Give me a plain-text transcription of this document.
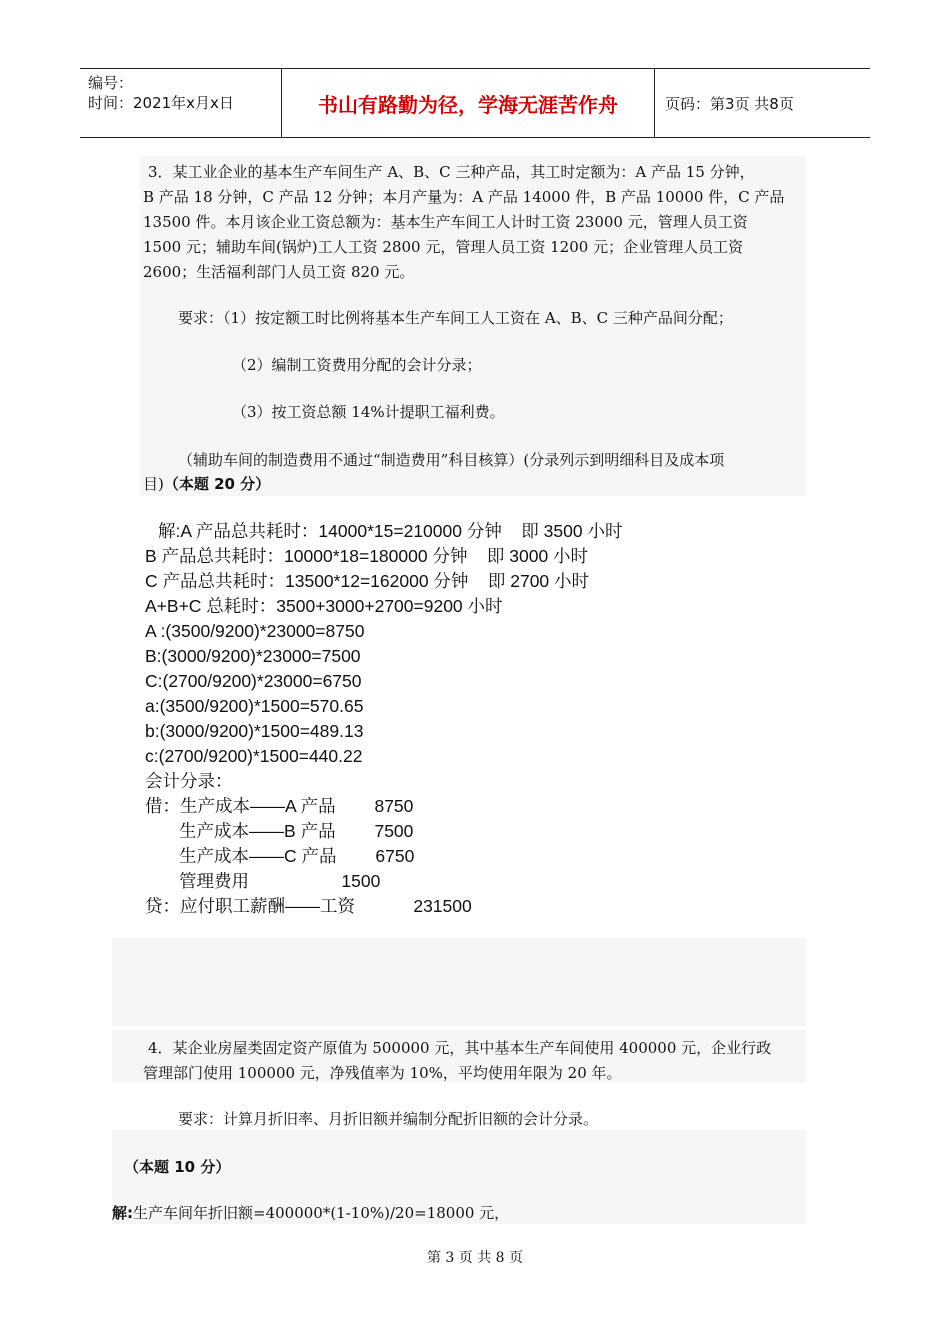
编号：
时间：2021年x月x日	书山有路勤为径，学海无涯苦作舟	页码：第3页 共8页
3．某工业企业的基本生产车间生产 A、B、C 三种产品，其工时定额为：A 产品 15 分钟，
B 产品 18 分钟，C 产品 12 分钟；本月产量为：A 产品 14000 件，B 产品 10000 件，C 产品
13500 件。本月该企业工资总额为：基本生产车间工人计时工资 23000 元，管理人员工资
1500 元；辅助车间(锅炉)工人工资 2800 元，管理人员工资 1200 元；企业管理人员工资
2600；生活福利部门人员工资 820 元。
要求：（1）按定额工时比例将基本生产车间工人工资在 A、B、C 三种产品间分配；
（2）编制工资费用分配的会计分录；
（3）按工资总额 14%计提职工福利费。
（辅助车间的制造费用不通过“制造费用”科目核算）(分录列示到明细科目及成本项
目)（本题 20 分）
解:A 产品总共耗时：14000*15=210000 分钟    即 3500 小时
B 产品总共耗时：10000*18=180000 分钟    即 3000 小时
C 产品总共耗时：13500*12=162000 分钟    即 2700 小时
A+B+C 总耗时：3500+3000+2700=9200 小时
A :(3500/9200)*23000=8750
B:(3000/9200)*23000=7500
C:(2700/9200)*23000=6750
a:(3500/9200)*1500=570.65
b:(3000/9200)*1500=489.13
c:(2700/9200)*1500=440.22
会计分录：
借：生产成本——A 产品        8750
生产成本——B 产品        7500
生产成本——C 产品        6750
管理费用                   1500
贷：应付职工薪酬——工资            231500
4．某企业房屋类固定资产原值为 500000 元，其中基本生产车间使用 400000 元，企业行政
管理部门使用 100000 元，净残值率为 10%，平均使用年限为 20 年。
要求：计算月折旧率、月折旧额并编制分配折旧额的会计分录。
（本题 10 分）
解:生产车间年折旧额=400000*(1-10%)/20=18000 元，
第 3 页 共 8 页
